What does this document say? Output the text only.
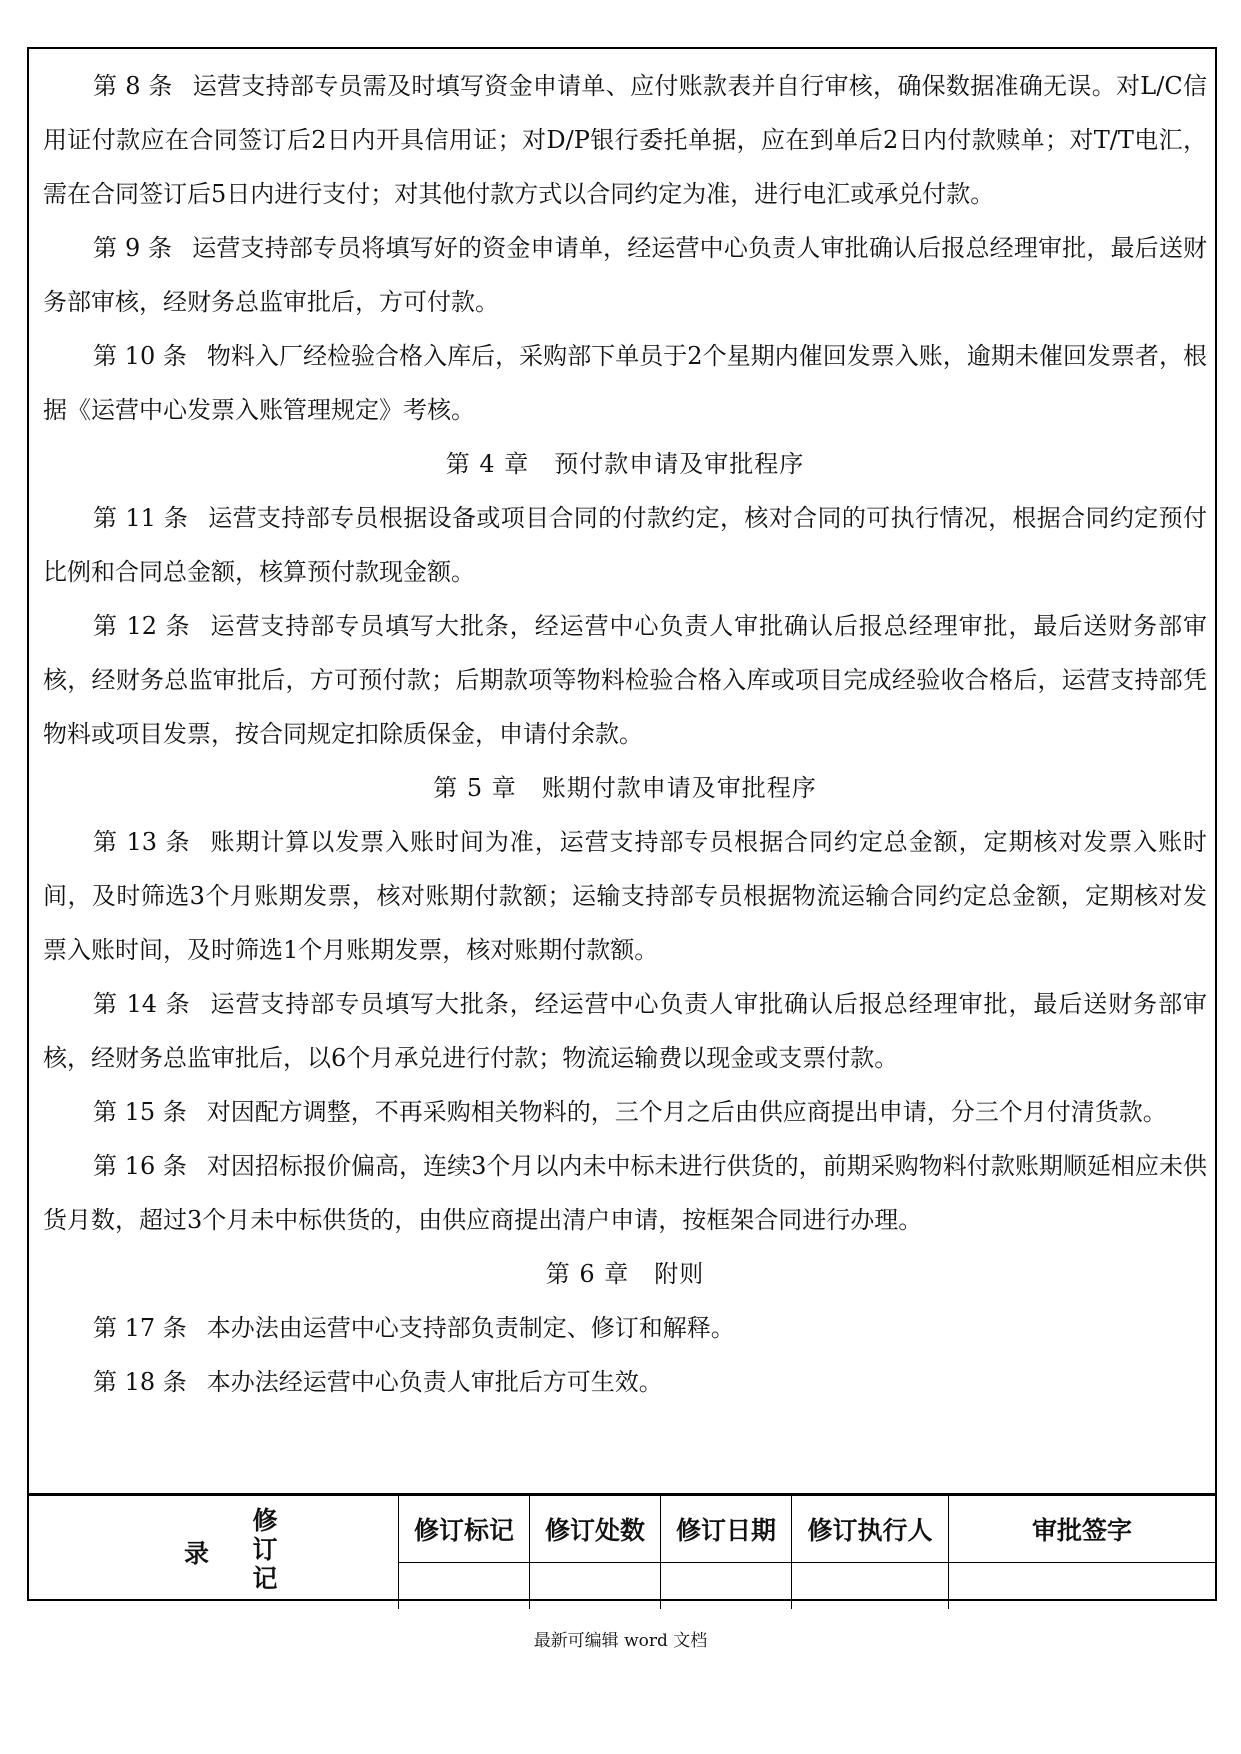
第 8 条 运营支持部专员需及时填写资金申请单、应付账款表并自行审核，确保数据准确无误。对L/C信用证付款应在合同签订后2日内开具信用证；对D/P银行委托单据，应在到单后2日内付款赎单；对T/T电汇，需在合同签订后5日内进行支付；对其他付款方式以合同约定为准，进行电汇或承兑付款。

第 9 条 运营支持部专员将填写好的资金申请单，经运营中心负责人审批确认后报总经理审批，最后送财务部审核，经财务总监审批后，方可付款。

第 10 条 物料入厂经检验合格入库后，采购部下单员于2个星期内催回发票入账，逾期未催回发票者，根据《运营中心发票入账管理规定》考核。

第 4 章　预付款申请及审批程序

第 11 条 运营支持部专员根据设备或项目合同的付款约定，核对合同的可执行情况，根据合同约定预付比例和合同总金额，核算预付款现金额。

第 12 条 运营支持部专员填写大批条，经运营中心负责人审批确认后报总经理审批，最后送财务部审核，经财务总监审批后，方可预付款；后期款项等物料检验合格入库或项目完成经验收合格后，运营支持部凭物料或项目发票，按合同规定扣除质保金，申请付余款。

第 5 章　账期付款申请及审批程序

第 13 条 账期计算以发票入账时间为准，运营支持部专员根据合同约定总金额，定期核对发票入账时间，及时筛选3个月账期发票，核对账期付款额；运输支持部专员根据物流运输合同约定总金额，定期核对发票入账时间，及时筛选1个月账期发票，核对账期付款额。

第 14 条 运营支持部专员填写大批条，经运营中心负责人审批确认后报总经理审批，最后送财务部审核，经财务总监审批后，以6个月承兑进行付款；物流运输费以现金或支票付款。

第 15 条 对因配方调整，不再采购相关物料的，三个月之后由供应商提出申请，分三个月付清货款。

第 16 条 对因招标报价偏高，连续3个月以内未中标未进行供货的，前期采购物料付款账期顺延相应未供货月数，超过3个月未中标供货的，由供应商提出清户申请，按框架合同进行办理。

第 6 章　附则

第 17 条 本办法由运营中心支持部负责制定、修订和解释。

第 18 条 本办法经运营中心负责人审批后方可生效。

录
修订记	修订标记	修订处数	修订日期	修订执行人	审批签字

最新可编辑 word 文档
